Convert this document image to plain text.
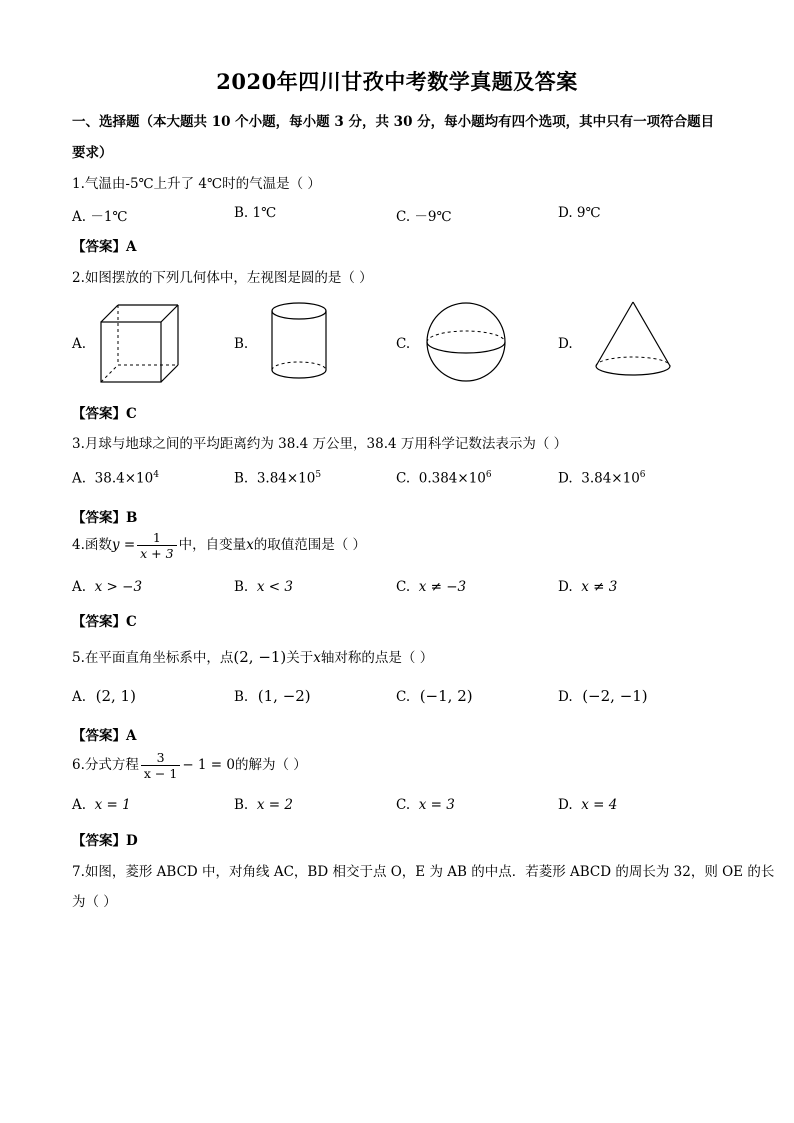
2020年四川甘孜中考数学真题及答案
一、选择题（本大题共 10 个小题，每小题 3 分，共 30 分，每小题均有四个选项，其中只有一项符合题目
要求）
1.气温由-5℃上升了 4℃时的气温是（ ）
A. －1℃	B. 1℃	C. －9℃	D. 9℃
【答案】A
2.如图摆放的下列几何体中，左视图是圆的是（ ）
A.	B.	C.	D.
【答案】C
3.月球与地球之间的平均距离约为 38.4 万公里，38.4 万用科学记数法表示为（ ）
A. $38.4\times 10^4$	B. $3.84\times 10^5$	C. $0.384\times 10^6$	D. $3.84\times 10^6$
【答案】B
4.函数$y = \frac{1}{x + 3}$ 中，自变量x的取值范围是（ ）
A. x > −3	B. x < 3	C. x ≠ −3	D. x ≠ 3
【答案】C
5.在平面直角坐标系中，点(2, −1)关于x轴对称的点是（ ）
A. (2, 1)	B. (1, −2)	C. (−1, 2)	D. (−2, −1)
【答案】A
6.分式方程 $\frac{3}{x - 1} - 1 = 0$的解为（ ）
A. x = 1	B. x = 2	C. x = 3	D. x = 4
【答案】D
7.如图，菱形 ABCD 中，对角线 AC，BD 相交于点 O，E 为 AB 的中点．若菱形 ABCD 的周长为 32，则 OE 的长
为（ ）
